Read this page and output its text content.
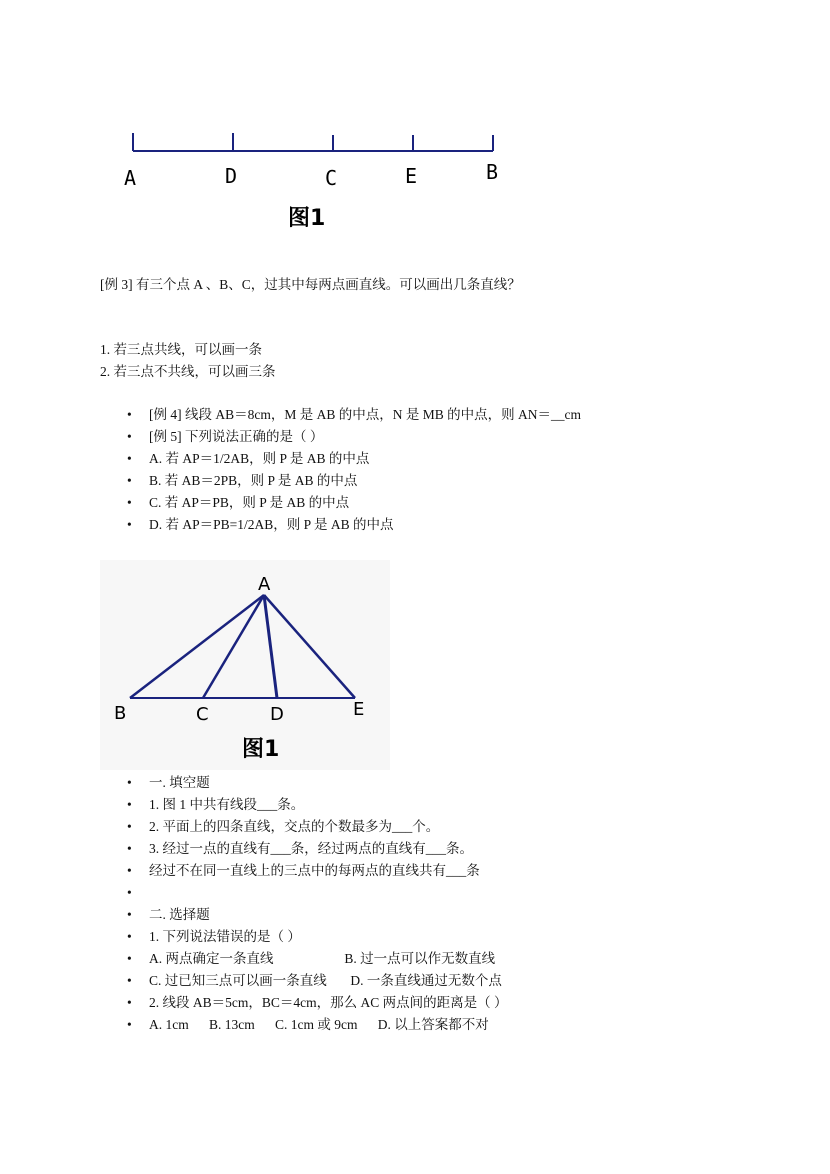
A	D	C	E	B
图1
[例 3] 有三个点 A 、B、C，过其中每两点画直线。可以画出几条直线？
1. 若三点共线，可以画一条
2. 若三点不共线，可以画三条
• [例 4] 线段 AB＝8cm，M 是 AB 的中点，N 是 MB 的中点，则 AN＝__cm
• [例 5] 下列说法正确的是（ ）
• A. 若 AP＝1/2AB，则 P 是 AB 的中点
• B. 若 AB＝2PB，则 P 是 AB 的中点
• C. 若 AP＝PB，则 P 是 AB 的中点
• D. 若 AP＝PB=1/2AB，则 P 是 AB 的中点
A
B	C	D	E
图1
• 一. 填空题
• 1. 图 1 中共有线段___条。
• 2. 平面上的四条直线，交点的个数最多为___个。
• 3. 经过一点的直线有___条，经过两点的直线有___条。
• 经过不在同一直线上的三点中的每两点的直线共有___条
•
• 二. 选择题
• 1. 下列说法错误的是（ ）
• A. 两点确定一条直线                     B. 过一点可以作无数直线
• C. 过已知三点可以画一条直线       D. 一条直线通过无数个点
• 2. 线段 AB＝5cm，BC＝4cm，那么 AC 两点间的距离是（ ）
• A. 1cm      B. 13cm      C. 1cm 或 9cm      D. 以上答案都不对
